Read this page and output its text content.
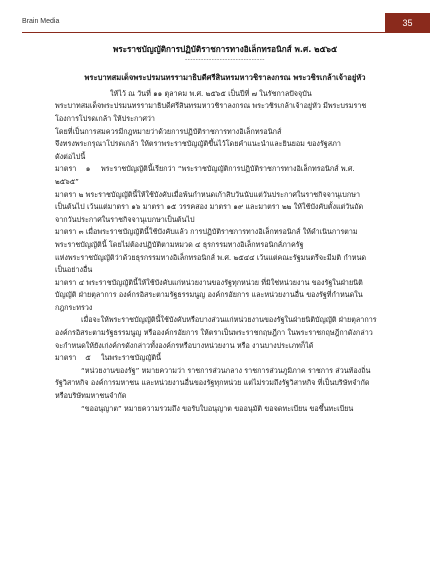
Brain Media	35
พระราชบัญญัติการปฏิบัติราชการทางอิเล็กทรอนิกส์ พ.ศ. ๒๕๖๕
------------------------------
พระบาทสมเด็จพระปรมนทรรามาธิบดีศรีสินทรมหาวชิราลงกรณ พระวชิรเกล้าเจ้าอยู่หัว

ให้ไว้ ณ วันที่ ๑๑ ตุลาคม พ.ศ. ๒๕๖๕ เป็นปีที่ ๗ ในรัชกาลปัจจุบัน

พระบาทสมเด็จพระปรมนทรรามาธิบดีศรีสินทรมหาวชิราลงกรณ พระวชิรเกล้าเจ้าอยู่หัว มีพระบรมราช

โองการโปรดเกล้า ให้ประกาศว่า

โดยที่เป็นการสมควรมีกฎหมายว่าด้วยการปฏิบัติราชการทางอิเล็กทรอนิกส์

จึงทรงพระกรุณาโปรดเกล้า ให้ตราพระราชบัญญัติขึ้นไว้โดยคำแนะนำและยินยอม ของรัฐสภา

ดังต่อไปนี้

มาตรา	๑	พระราชบัญญัตินี้เรียกว่า “พระราชบัญญัติการปฏิบัติราชการทางอิเล็กทรอนิกส์ พ.ศ.

๒๕๖๕”

มาตรา ๒ พระราชบัญญัตินี้ให้ใช้บังคับเมื่อพ้นกำหนดเก้าสิบวันนับแต่วันประกาศในราชกิจจานุเบกษา

เป็นต้นไป เว้นแต่มาตรา ๑๖ มาตรา ๑๕ วรรคสอง มาตรา ๑๙ และมาตรา ๒๒ ให้ใช้บังคับตั้งแต่วันถัด

จากวันประกาศในราชกิจจานุเบกษาเป็นต้นไป

มาตรา ๓ เมื่อพระราชบัญญัตินี้ใช้บังคับแล้ว การปฏิบัติราชการทางอิเล็กทรอนิกส์ ให้ดำเนินการตาม

พระราชบัญญัตินี้ โดยไม่ต้องปฏิบัติตามหมวด ๔ ธุรกรรมทางอิเล็กทรอนิกส์ภาครัฐ

แห่งพระราชบัญญัติว่าด้วยธุรกรรมทางอิเล็กทรอนิกส์ พ.ศ. ๒๕๔๔ เว้นแต่คณะรัฐมนตรีจะมีมติ กำหนด

เป็นอย่างอื่น

มาตรา ๔ พระราชบัญญัตินี้ให้ใช้บังคับแก่หน่วยงานของรัฐทุกหน่วย ที่มิใช่หน่วยงาน ของรัฐในฝ่ายนิติ

บัญญัติ ฝ่ายตุลาการ องค์กรอิสระตามรัฐธรรมนูญ องค์กรอัยการ และหน่วยงานอื่น ของรัฐที่กำหนดใน

กฎกระทรวง

เมื่อจะให้พระราชบัญญัตินี้ใช้บังคับหรือบางส่วนแก่หน่วยงานของรัฐในฝ่ายนิติบัญญัติ ฝ่ายตุลาการ

องค์กรอิสระตามรัฐธรรมนูญ หรือองค์กรอัยการ ให้ตราเป็นพระราชกฤษฎีกา ในพระราชกฤษฎีกาดังกล่าว

จะกำหนดให้ยังเก่งค์กรดังกล่าวทั้งองค์กรหรือบางหน่วยงาน หรือ งานบางประเภทก็ได้

มาตรา	๕	ในพระราชบัญญัตินี้

“หน่วยงานของรัฐ” หมายความว่า ราชการส่วนกลาง ราชการส่วนภูมิภาค ราชการ ส่วนท้องถิ่น

รัฐวิสาหกิจ องค์การมหาชน และหน่วยงานอื่นของรัฐทุกหน่วย แต่ไม่รวมถึงรัฐวิสาหกิจ ที่เป็นบริษัทจำกัด

หรือบริษัทมหาชนจำกัด

“ขออนุญาต” หมายความรวมถึง ขอรับใบอนุญาต ขออนุมัติ ขอจดทะเบียน ขอขึ้นทะเบียน
